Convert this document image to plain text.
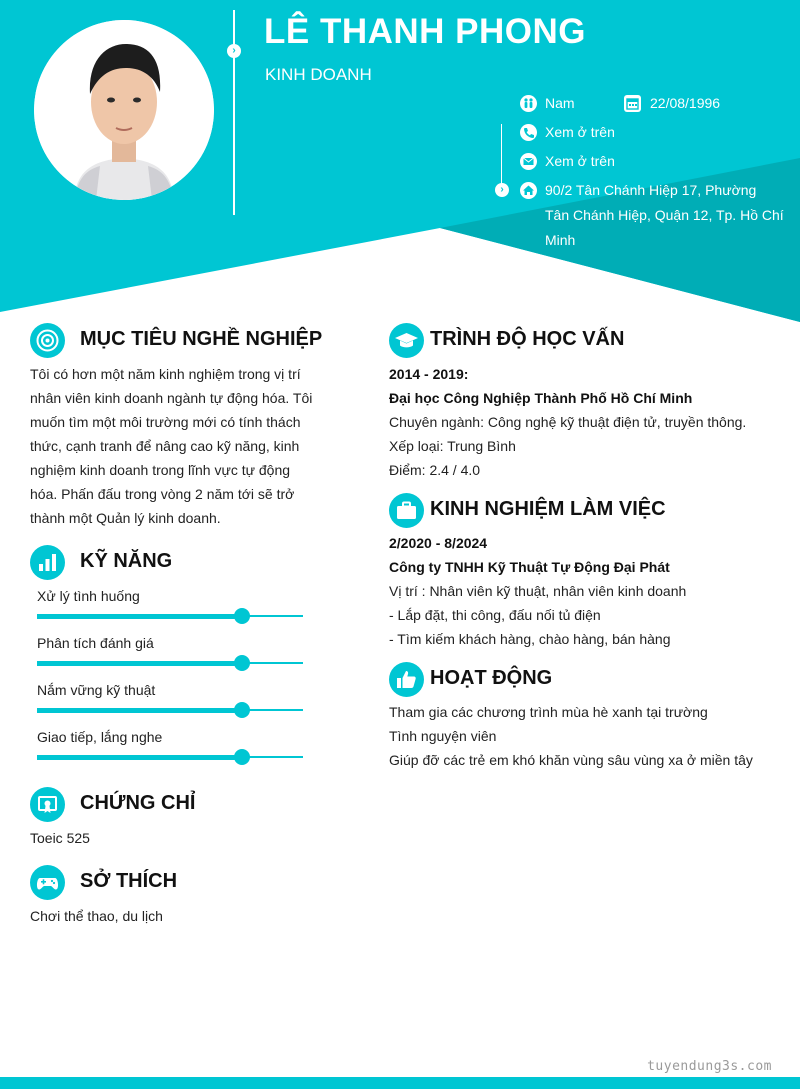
› LÊ THANH PHONG
KINH DOANH
›
Nam	22/08/1996
Xem ở trên
Xem ở trên
90/2 Tân Chánh Hiệp 17, Phường
Tân Chánh Hiệp, Quận 12, Tp. Hồ Chí
Minh
MỤC TIÊU NGHỀ NGHIỆP
Tôi có hơn một năm kinh nghiệm trong vị trí
nhân viên kinh doanh ngành tự động hóa. Tôi
muốn tìm một môi trường mới có tính thách
thức, cạnh tranh để nâng cao kỹ năng, kinh
nghiệm kinh doanh trong lĩnh vực tự động
hóa. Phấn đấu trong vòng 2 năm tới sẽ trở
thành một Quản lý kinh doanh.
KỸ NĂNG
Xử lý tình huống
Phân tích đánh giá
Nắm vững kỹ thuật
Giao tiếp, lắng nghe
CHỨNG CHỈ
Toeic 525
SỞ THÍCH
Chơi thể thao, du lịch
TRÌNH ĐỘ HỌC VẤN
2014 - 2019:
Đại học Công Nghiệp Thành Phố Hồ Chí Minh
Chuyên ngành: Công nghệ kỹ thuật điện tử, truyền thông.
Xếp loại: Trung Bình
Điểm: 2.4 / 4.0
KINH NGHIỆM LÀM VIỆC
2/2020 - 8/2024
Công ty TNHH Kỹ Thuật Tự Động Đại Phát
Vị trí : Nhân viên kỹ thuật, nhân viên kinh doanh
- Lắp đặt, thi công, đấu nối tủ điện
- Tìm kiếm khách hàng, chào hàng, bán hàng
HOẠT ĐỘNG
Tham gia các chương trình mùa hè xanh tại trường
Tình nguyện viên
Giúp đỡ các trẻ em khó khăn vùng sâu vùng xa ở miền tây
tuyendung3s.com
